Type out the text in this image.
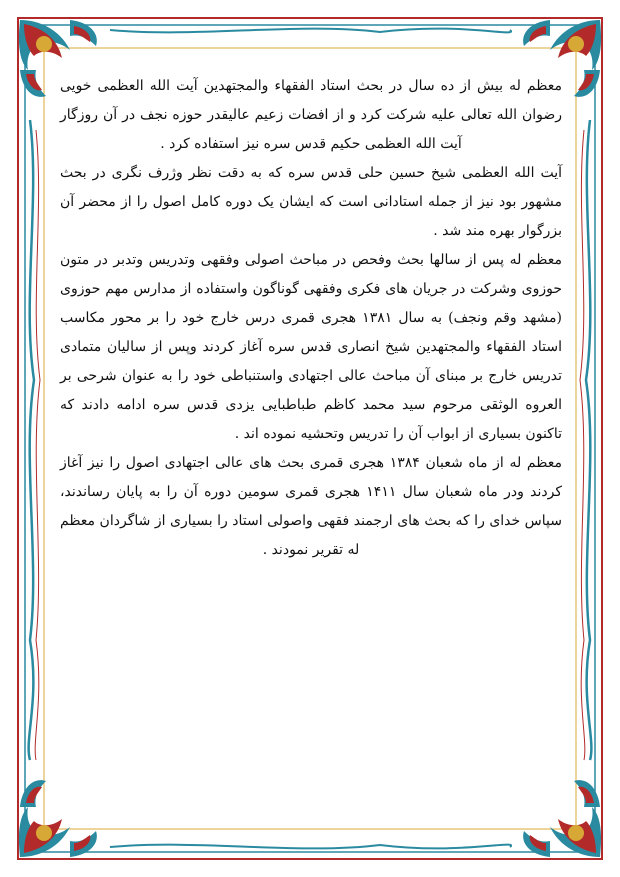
معظم له بیش از ده سال در بحث استاد الفقهاء والمجتهدین آیت الله العظمی خویی رضوان الله تعالی علیه شرکت کرد و از افضات زعیم عالیقدر حوزه نجف در آن روزگار آیت الله العظمی حکیم قدس سره نیز استفاده کرد .

آیت الله العظمی شیخ حسین حلی قدس سره که به دقت نظر وژرف نگری در بحث مشهور بود نیز از جمله استادانی است که ایشان یک دوره کامل اصول را از محضر آن بزرگوار بهره مند شد .

معظم له پس از سالها بحث وفحص در مباحث اصولی وفقهی وتدریس وتدبر در متون حوزوی وشرکت در جریان های فکری وفقهی گوناگون واستفاده از مدارس مهم حوزوی (مشهد وقم ونجف) به سال ۱۳۸۱ هجری قمری درس خارج خود را بر محور مکاسب استاد الفقهاء والمجتهدین شیخ انصاری قدس سره آغاز کردند وپس از سالیان متمادی تدریس خارج بر مبنای آن مباحث عالی اجتهادی واستنباطی خود را به عنوان شرحی بر العروه الوثقی مرحوم سید محمد کاظم طباطبایی یزدی قدس سره ادامه دادند که تاکنون بسیاری از ابواب آن را تدریس وتحشیه نموده اند .

معظم له از ماه شعبان ۱۳۸۴ هجری قمری بحث های عالی اجتهادی اصول را نیز آغاز کردند ودر ماه شعبان سال ۱۴۱۱ هجری قمری سومین دوره آن را به پایان رساندند، سپاس خدای را که بحث های ارجمند فقهی واصولی استاد را بسیاری از شاگردان معظم له تقریر نمودند .
